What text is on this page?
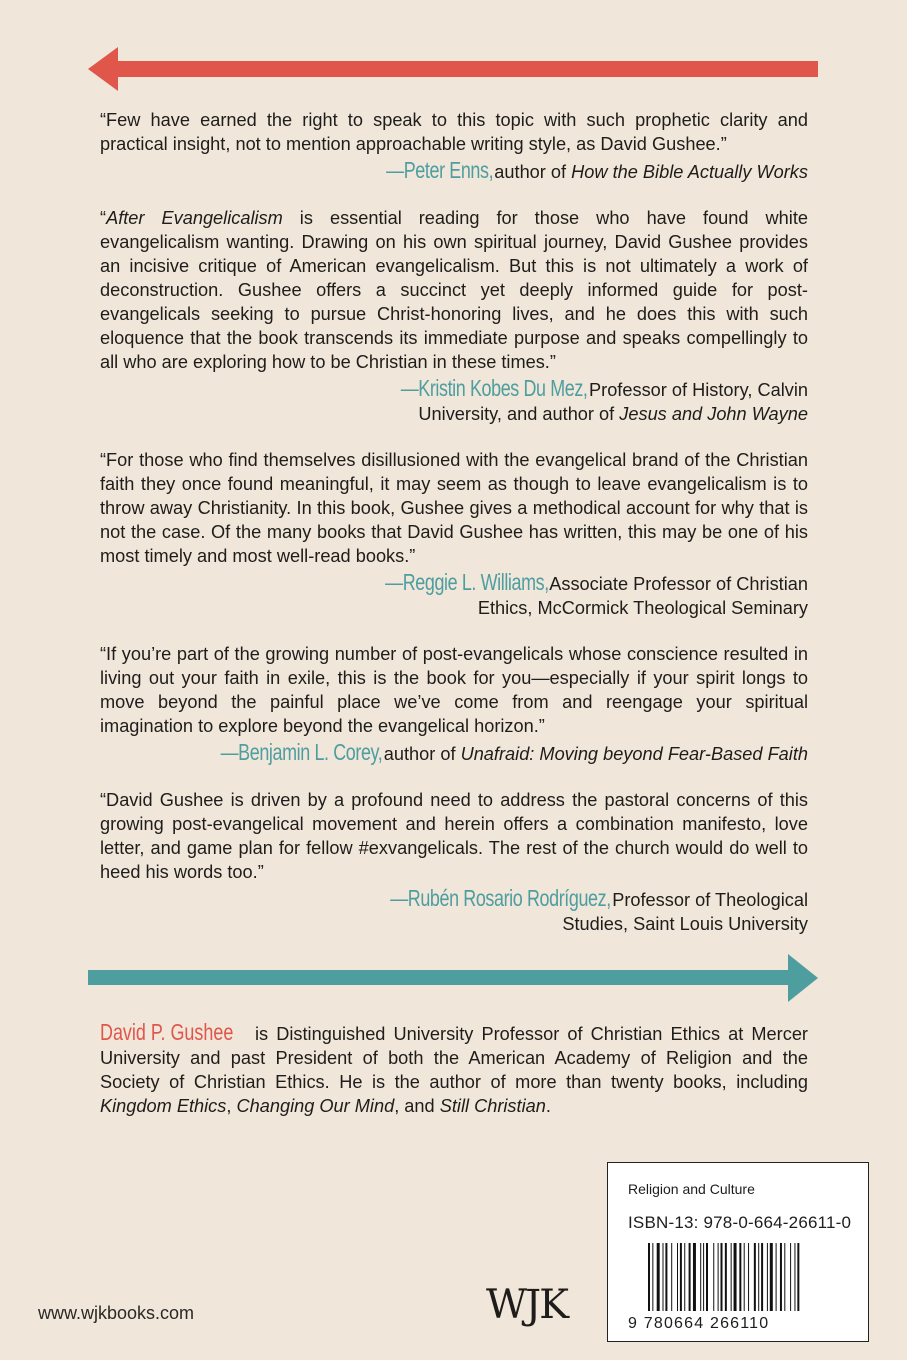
“Few have earned the right to speak to this topic with such prophetic clarity and practical insight, not to mention approachable writing style, as David Gushee.”
—Peter Enns, author of How the Bible Actually Works
“After Evangelicalism is essential reading for those who have found white evangelicalism wanting. Drawing on his own spiritual journey, David Gushee provides an incisive critique of American evangelicalism. But this is not ultimately a work of deconstruction. Gushee offers a succinct yet deeply informed guide for post-evangelicals seeking to pursue Christ-honoring lives, and he does this with such eloquence that the book transcends its immediate purpose and speaks compellingly to all who are exploring how to be Christian in these times.”
—Kristin Kobes Du Mez, Professor of History, Calvin
University, and author of Jesus and John Wayne
“For those who find themselves disillusioned with the evangelical brand of the Christian faith they once found meaningful, it may seem as though to leave evangelicalism is to throw away Christianity. In this book, Gushee gives a methodical account for why that is not the case. Of the many books that David Gushee has written, this may be one of his most timely and most well-read books.”
—Reggie L. Williams, Associate Professor of Christian
Ethics, McCormick Theological Seminary
“If you’re part of the growing number of post-evangelicals whose conscience resulted in living out your faith in exile, this is the book for you—especially if your spirit longs to move beyond the painful place we’ve come from and reengage your spiritual imagination to explore beyond the evangelical horizon.”
—Benjamin L. Corey, author of Unafraid: Moving beyond Fear-Based Faith
“David Gushee is driven by a profound need to address the pastoral concerns of this growing post-evangelical movement and herein offers a combination manifesto, love letter, and game plan for fellow #exvangelicals. The rest of the church would do well to heed his words too.”
—Rubén Rosario Rodríguez, Professor of Theological
Studies, Saint Louis University
David P. Gushee is Distinguished University Professor of Christian Ethics at Mercer University and past President of both the American Academy of Religion and the Society of Christian Ethics. He is the author of more than twenty books, including Kingdom Ethics, Changing Our Mind, and Still Christian.
Religion and Culture
ISBN-13: 978-0-664-26611-0
9 780664 266110
www.wjkbooks.com	WJK
